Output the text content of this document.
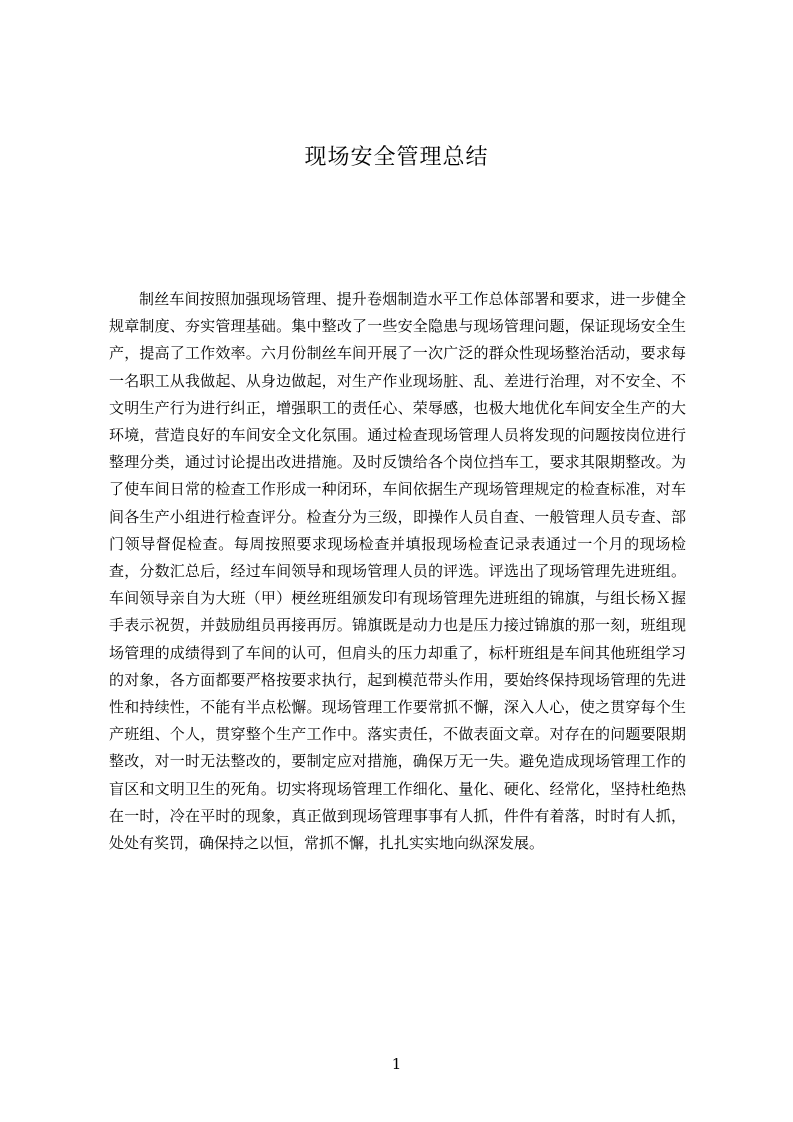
现场安全管理总结

制丝车间按照加强现场管理、提升卷烟制造水平工作总体部署和要求，进一步健全规章制度、夯实管理基础。集中整改了一些安全隐患与现场管理问题，保证现场安全生产，提高了工作效率。六月份制丝车间开展了一次广泛的群众性现场整治活动，要求每一名职工从我做起、从身边做起，对生产作业现场脏、乱、差进行治理，对不安全、不文明生产行为进行纠正，增强职工的责任心、荣辱感，也极大地优化车间安全生产的大环境，营造良好的车间安全文化氛围。通过检查现场管理人员将发现的问题按岗位进行整理分类，通过讨论提出改进措施。及时反馈给各个岗位挡车工，要求其限期整改。为了使车间日常的检查工作形成一种闭环，车间依据生产现场管理规定的检查标准，对车间各生产小组进行检查评分。检查分为三级，即操作人员自查、一般管理人员专查、部门领导督促检查。每周按照要求现场检查并填报现场检查记录表通过一个月的现场检查，分数汇总后，经过车间领导和现场管理人员的评选。评选出了现场管理先进班组。车间领导亲自为大班（甲）梗丝班组颁发印有现场管理先进班组的锦旗，与组长杨Ｘ握手表示祝贺，并鼓励组员再接再厉。锦旗既是动力也是压力接过锦旗的那一刻，班组现场管理的成绩得到了车间的认可，但肩头的压力却重了，标杆班组是车间其他班组学习的对象，各方面都要严格按要求执行，起到模范带头作用，要始终保持现场管理的先进性和持续性，不能有半点松懈。现场管理工作要常抓不懈，深入人心，使之贯穿每个生产班组、个人，贯穿整个生产工作中。落实责任，不做表面文章。对存在的问题要限期整改，对一时无法整改的，要制定应对措施，确保万无一失。避免造成现场管理工作的盲区和文明卫生的死角。切实将现场管理工作细化、量化、硬化、经常化，坚持杜绝热在一时，冷在平时的现象，真正做到现场管理事事有人抓，件件有着落，时时有人抓，处处有奖罚，确保持之以恒，常抓不懈，扎扎实实地向纵深发展。

1
